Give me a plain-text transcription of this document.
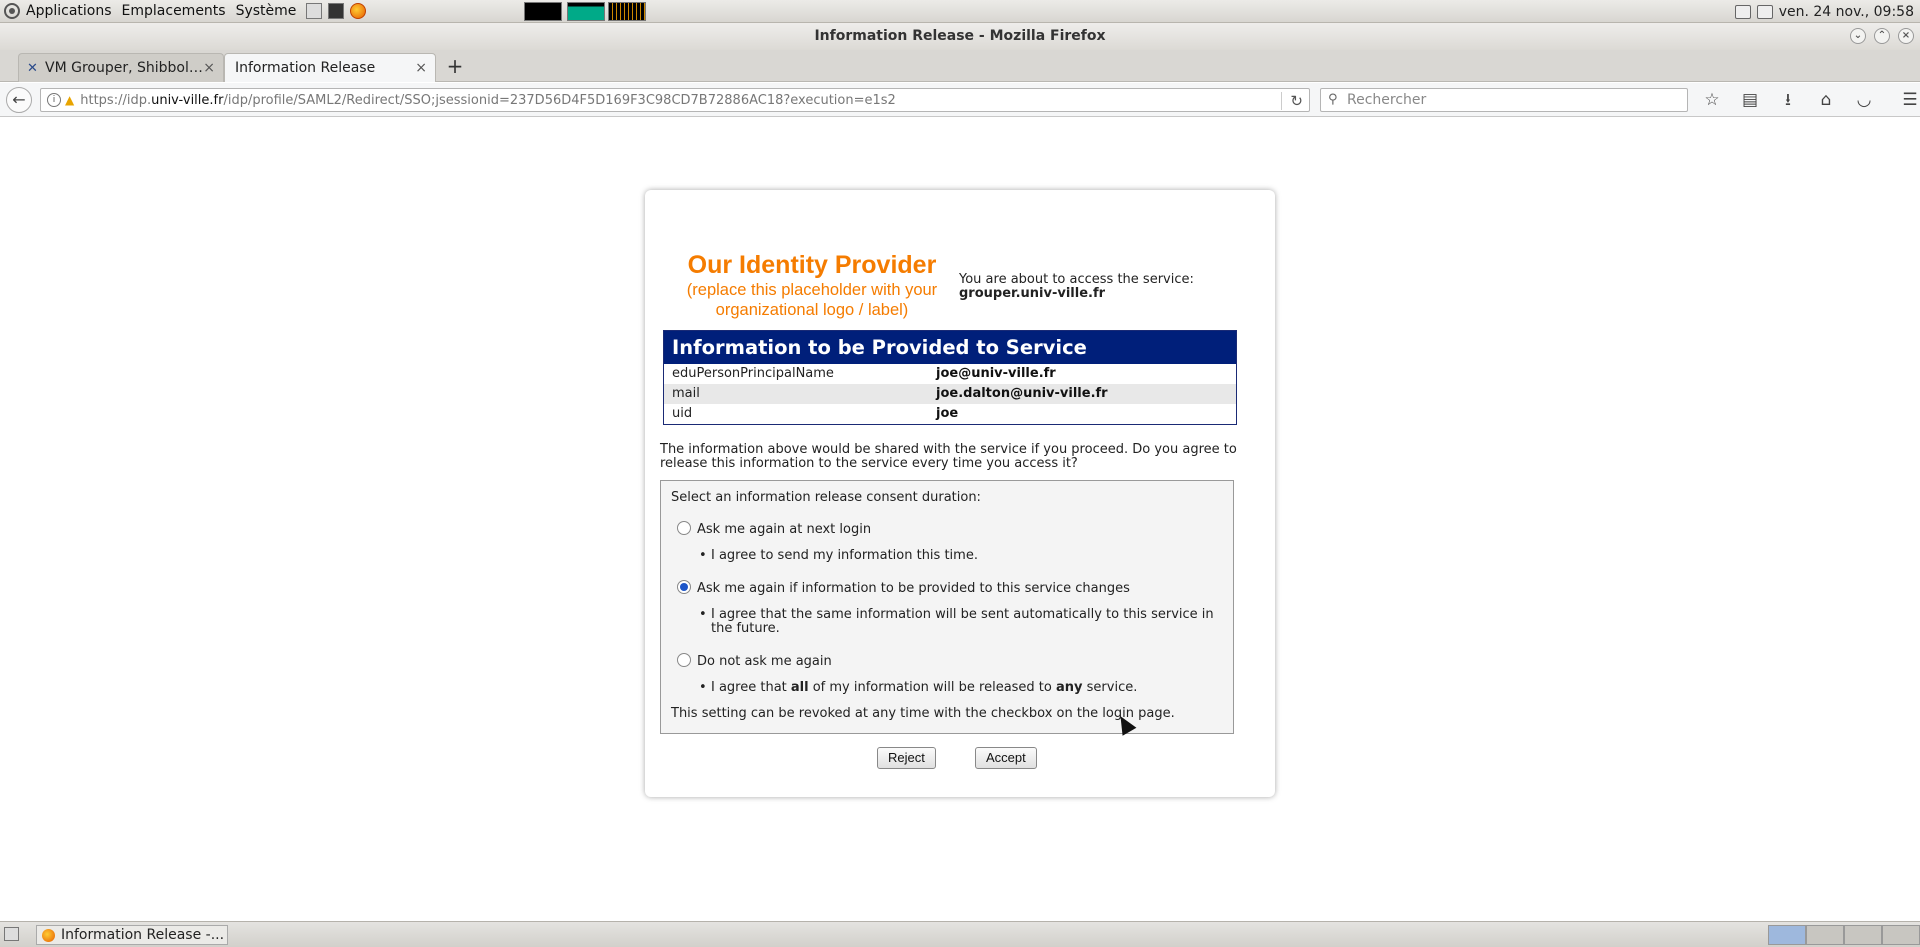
Applications Emplacements Système	ven. 24 nov., 09:58
Information Release - Mozilla Firefox	⌄	⌃	×
✕ VM Grouper, Shibbol… ×	Information Release	× +
←	i ▲ https://idp. univ-ville.fr /idp/profile/SAML2/Redirect/SSO;jsessionid=237D56D4F5D169F3C98CD7B72886AC18?execution=e1s2	↻ ⚲ Rechercher	☆ ▤	⭳	⌂	◡ ☰
Our Identity Provider
(replace this placeholder with your organizational logo / label)
You are about to access the service:
grouper.univ-ville.fr
Information to be Provided to Service
eduPersonPrincipalName	joe@univ-ville.fr
mail	joe.dalton@univ-ville.fr
uid	joe
The information above would be shared with the service if you proceed. Do you agree to release this information to the service every time you access it?
Select an information release consent duration:
Ask me again at next login
• I agree to send my information this time.
Ask me again if information to be provided to this service changes
• I agree that the same information will be sent automatically to this service in the future.
Do not ask me again
• I agree that all of my information will be released to any service.
This setting can be revoked at any time with the checkbox on the login page.
Reject	Accept
Information Release -...
